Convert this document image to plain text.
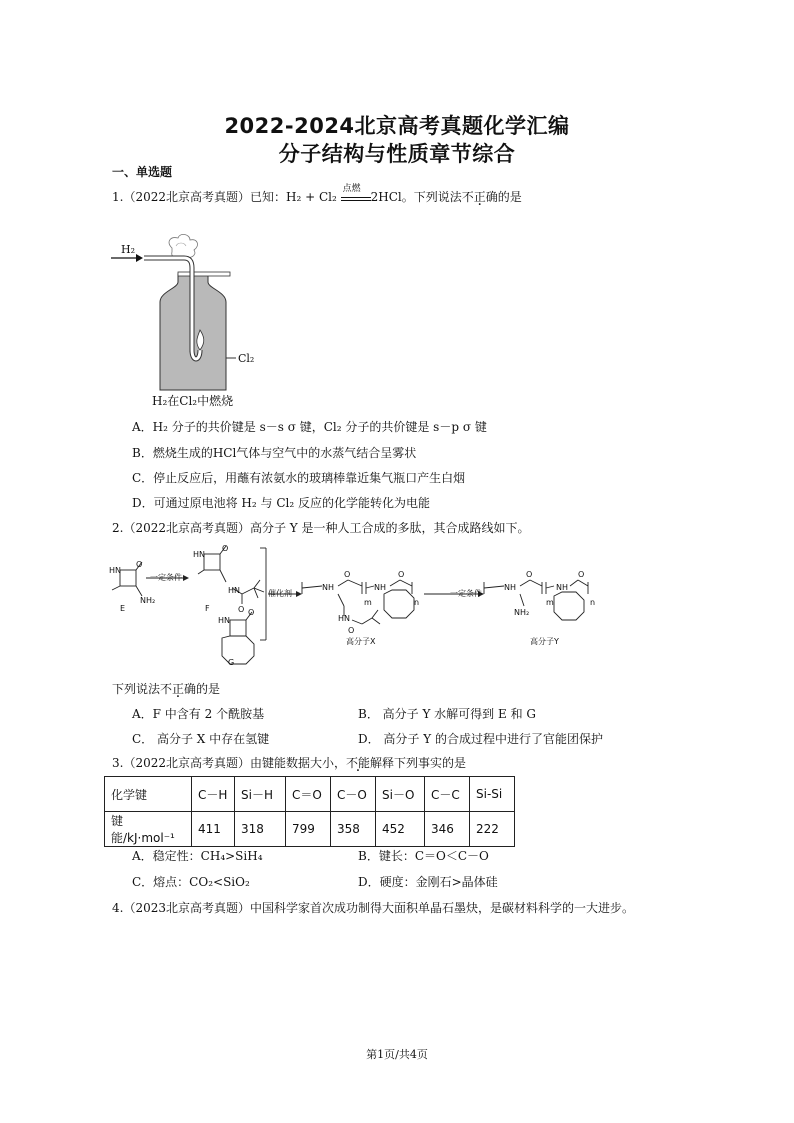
2022-2024北京高考真题化学汇编
分子结构与性质章节综合
一、单选题
1.（2022北京高考真题）已知：H₂ + Cl₂
点燃
2HCl。下列说法不正确的是
H₂
Cl₂
H₂在Cl₂中燃烧
A．H₂ 分子的共价键是 s－s σ 键，Cl₂ 分子的共价键是 s－p σ 键
B．燃烧生成的HCl气体与空气中的水蒸气结合呈雾状
C．停止反应后，用蘸有浓氨水的玻璃棒靠近集气瓶口产生白烟
D．可通过原电池将 H₂ 与 Cl₂ 反应的化学能转化为电能
2.（2022北京高考真题）高分子 Y 是一种人工合成的多肽，其合成路线如下。
HN
O
NH₂
E
一定条件
HN
O
HN
O
F
HN
O
G
催化剂
NH
O
m
NH
O
n
HN
O
高分子X
一定条件
NH
O
m
NH
O
n
NH₂
高分子Y
下列说法不正确的是
A．F 中含有 2 个酰胺基	B． 高分子 Y 水解可得到 E 和 G
C． 高分子 X 中存在氢键	D． 高分子 Y 的合成过程中进行了官能团保护
3.（2022北京高考真题）由键能数据大小，不能解释下列事实的是
化学键	C－H	Si－H	C＝O	C－O	Si－O	C－C	Si-Si
键能/kJ·mol⁻¹	411	318	799	358	452	346	222
A．稳定性：CH₄>SiH₄	B．键长：C＝O＜C－O
C．熔点：CO₂<SiO₂	D．硬度：金刚石>晶体硅
4.（2023北京高考真题）中国科学家首次成功制得大面积单晶石墨炔，是碳材料科学的一大进步。
第1页/共4页
